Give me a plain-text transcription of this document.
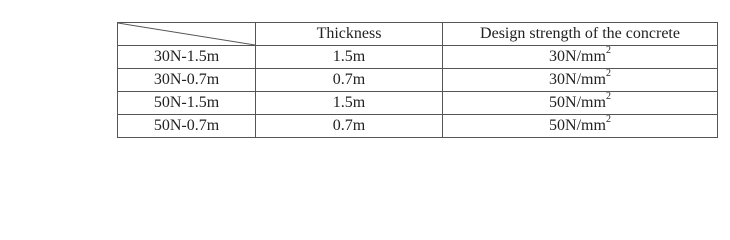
	Thickness	Design strength of the concrete
30N-1.5m	1.5m	$30N/mm^2$
30N-0.7m	0.7m	$30N/mm^2$
50N-1.5m	1.5m	$50N/mm^2$
50N-0.7m	0.7m	$50N/mm^2$
